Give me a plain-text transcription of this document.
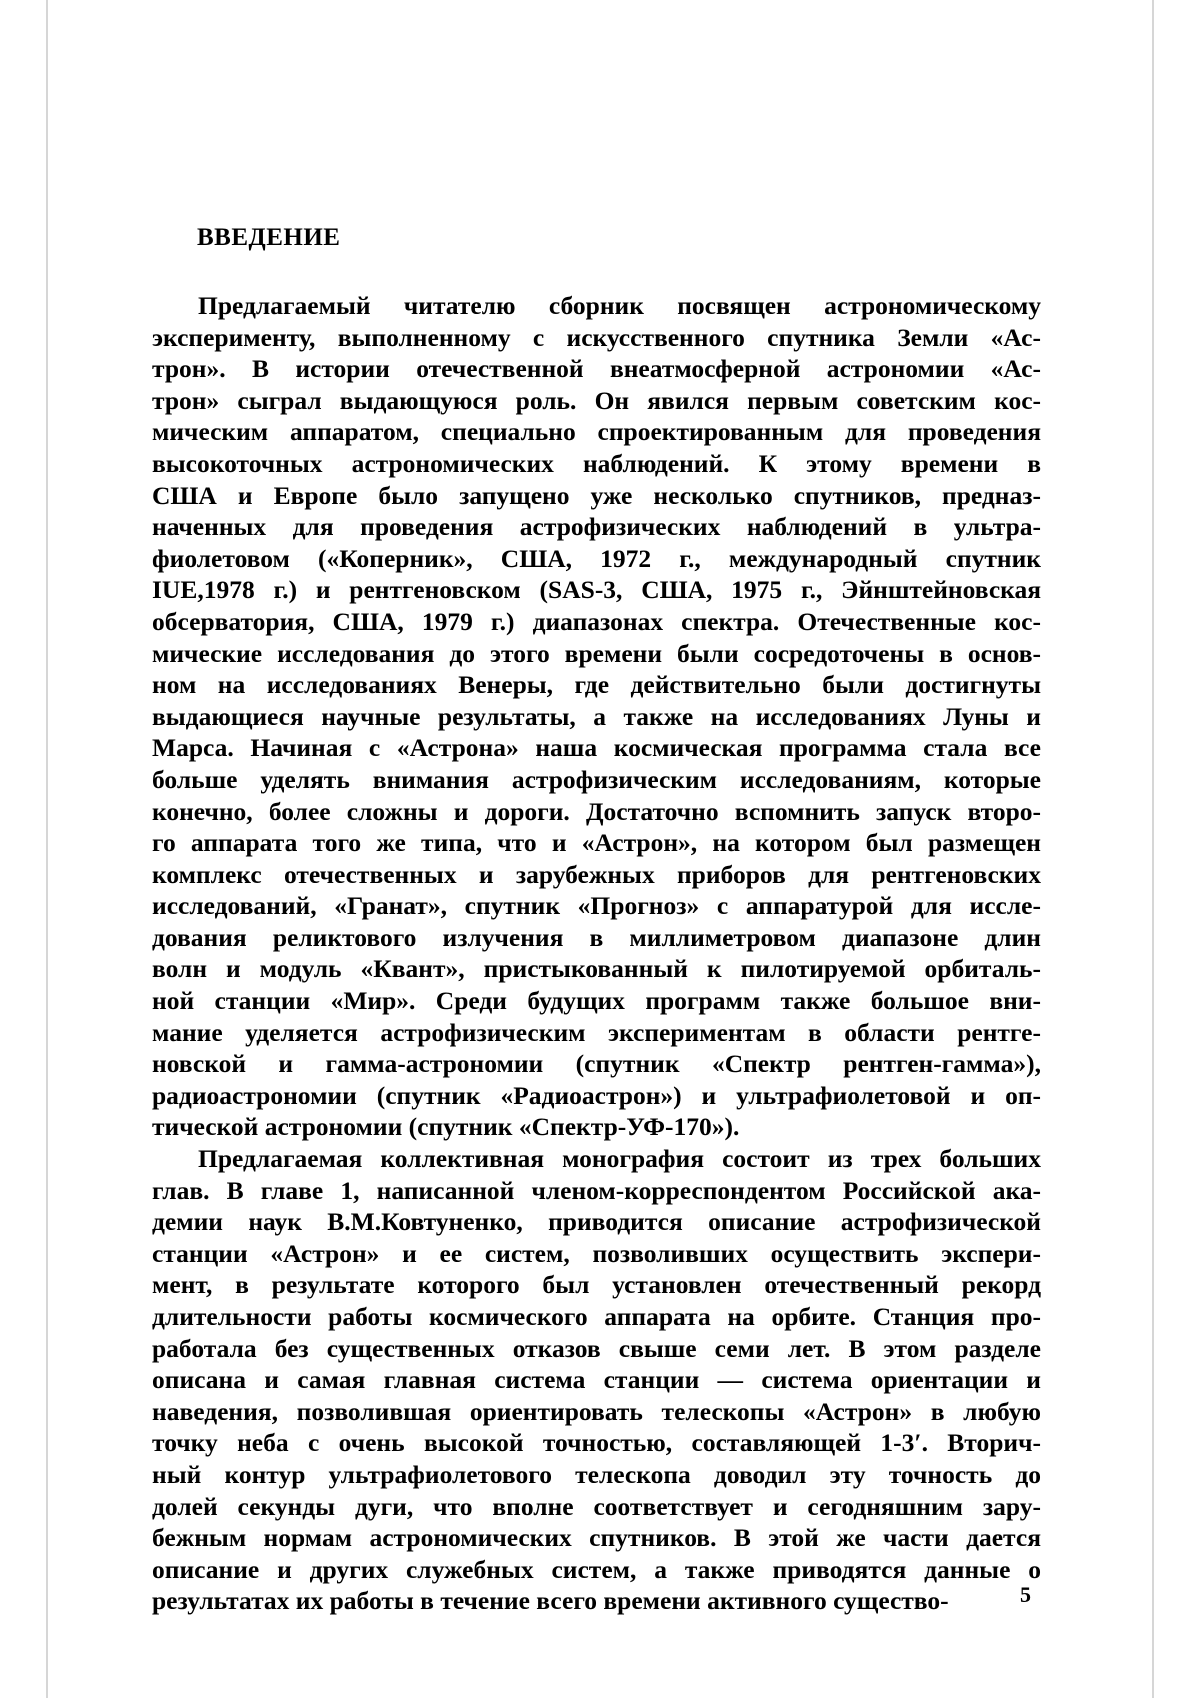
ВВЕДЕНИЕ
Предлагаемый читателю сборник посвящен астрономическому
эксперименту, выполненному с искусственного спутника Земли «Ас-
трон». В истории отечественной внеатмосферной астрономии «Ас-
трон» сыграл выдающуюся роль. Он явился первым советским кос-
мическим аппаратом, специально спроектированным для проведения
высокоточных астрономических наблюдений. К этому времени в
США и Европе было запущено уже несколько спутников, предназ-
наченных для проведения астрофизических наблюдений в ультра-
фиолетовом («Коперник», США, 1972 г., международный спутник
IUE,1978 г.) и рентгеновском (SAS-3, США, 1975 г., Эйнштейновская
обсерватория, США, 1979 г.) диапазонах спектра. Отечественные кос-
мические исследования до этого времени были сосредоточены в основ-
ном на исследованиях Венеры, где действительно были достигнуты
выдающиеся научные результаты, а также на исследованиях Луны и
Марса. Начиная с «Астрона» наша космическая программа стала все
больше уделять внимания астрофизическим исследованиям, которые
конечно, более сложны и дороги. Достаточно вспомнить запуск второ-
го аппарата того же типа, что и «Астрон», на котором был размещен
комплекс отечественных и зарубежных приборов для рентгеновских
исследований, «Гранат», спутник «Прогноз» с аппаратурой для иссле-
дования реликтового излучения в миллиметровом диапазоне длин
волн и модуль «Квант», пристыкованный к пилотируемой орбиталь-
ной станции «Мир». Среди будущих программ также большое вни-
мание уделяется астрофизическим экспериментам в области рентге-
новской и гамма-астрономии (спутник «Спектр рентген-гамма»),
радиоастрономии (спутник «Радиоастрон») и ультрафиолетовой и оп-
тической астрономии (спутник «Спектр-УФ-170»).
Предлагаемая коллективная монография состоит из трех больших
глав. В главе 1, написанной членом-корреспондентом Российской ака-
демии наук В.М.Ковтуненко, приводится описание астрофизической
станции «Астрон» и ее систем, позволивших осуществить экспери-
мент, в результате которого был установлен отечественный рекорд
длительности работы космического аппарата на орбите. Станция про-
работала без существенных отказов свыше семи лет. В этом разделе
описана и самая главная система станции — система ориентации и
наведения, позволившая ориентировать телескопы «Астрон» в любую
точку неба с очень высокой точностью, составляющей 1-3′. Вторич-
ный контур ультрафиолетового телескопа доводил эту точность до
долей секунды дуги, что вполне соответствует и сегодняшним зару-
бежным нормам астрономических спутников. В этой же части дается
описание и других служебных систем, а также приводятся данные о
результатах их работы в течение всего времени активного существо-	5
